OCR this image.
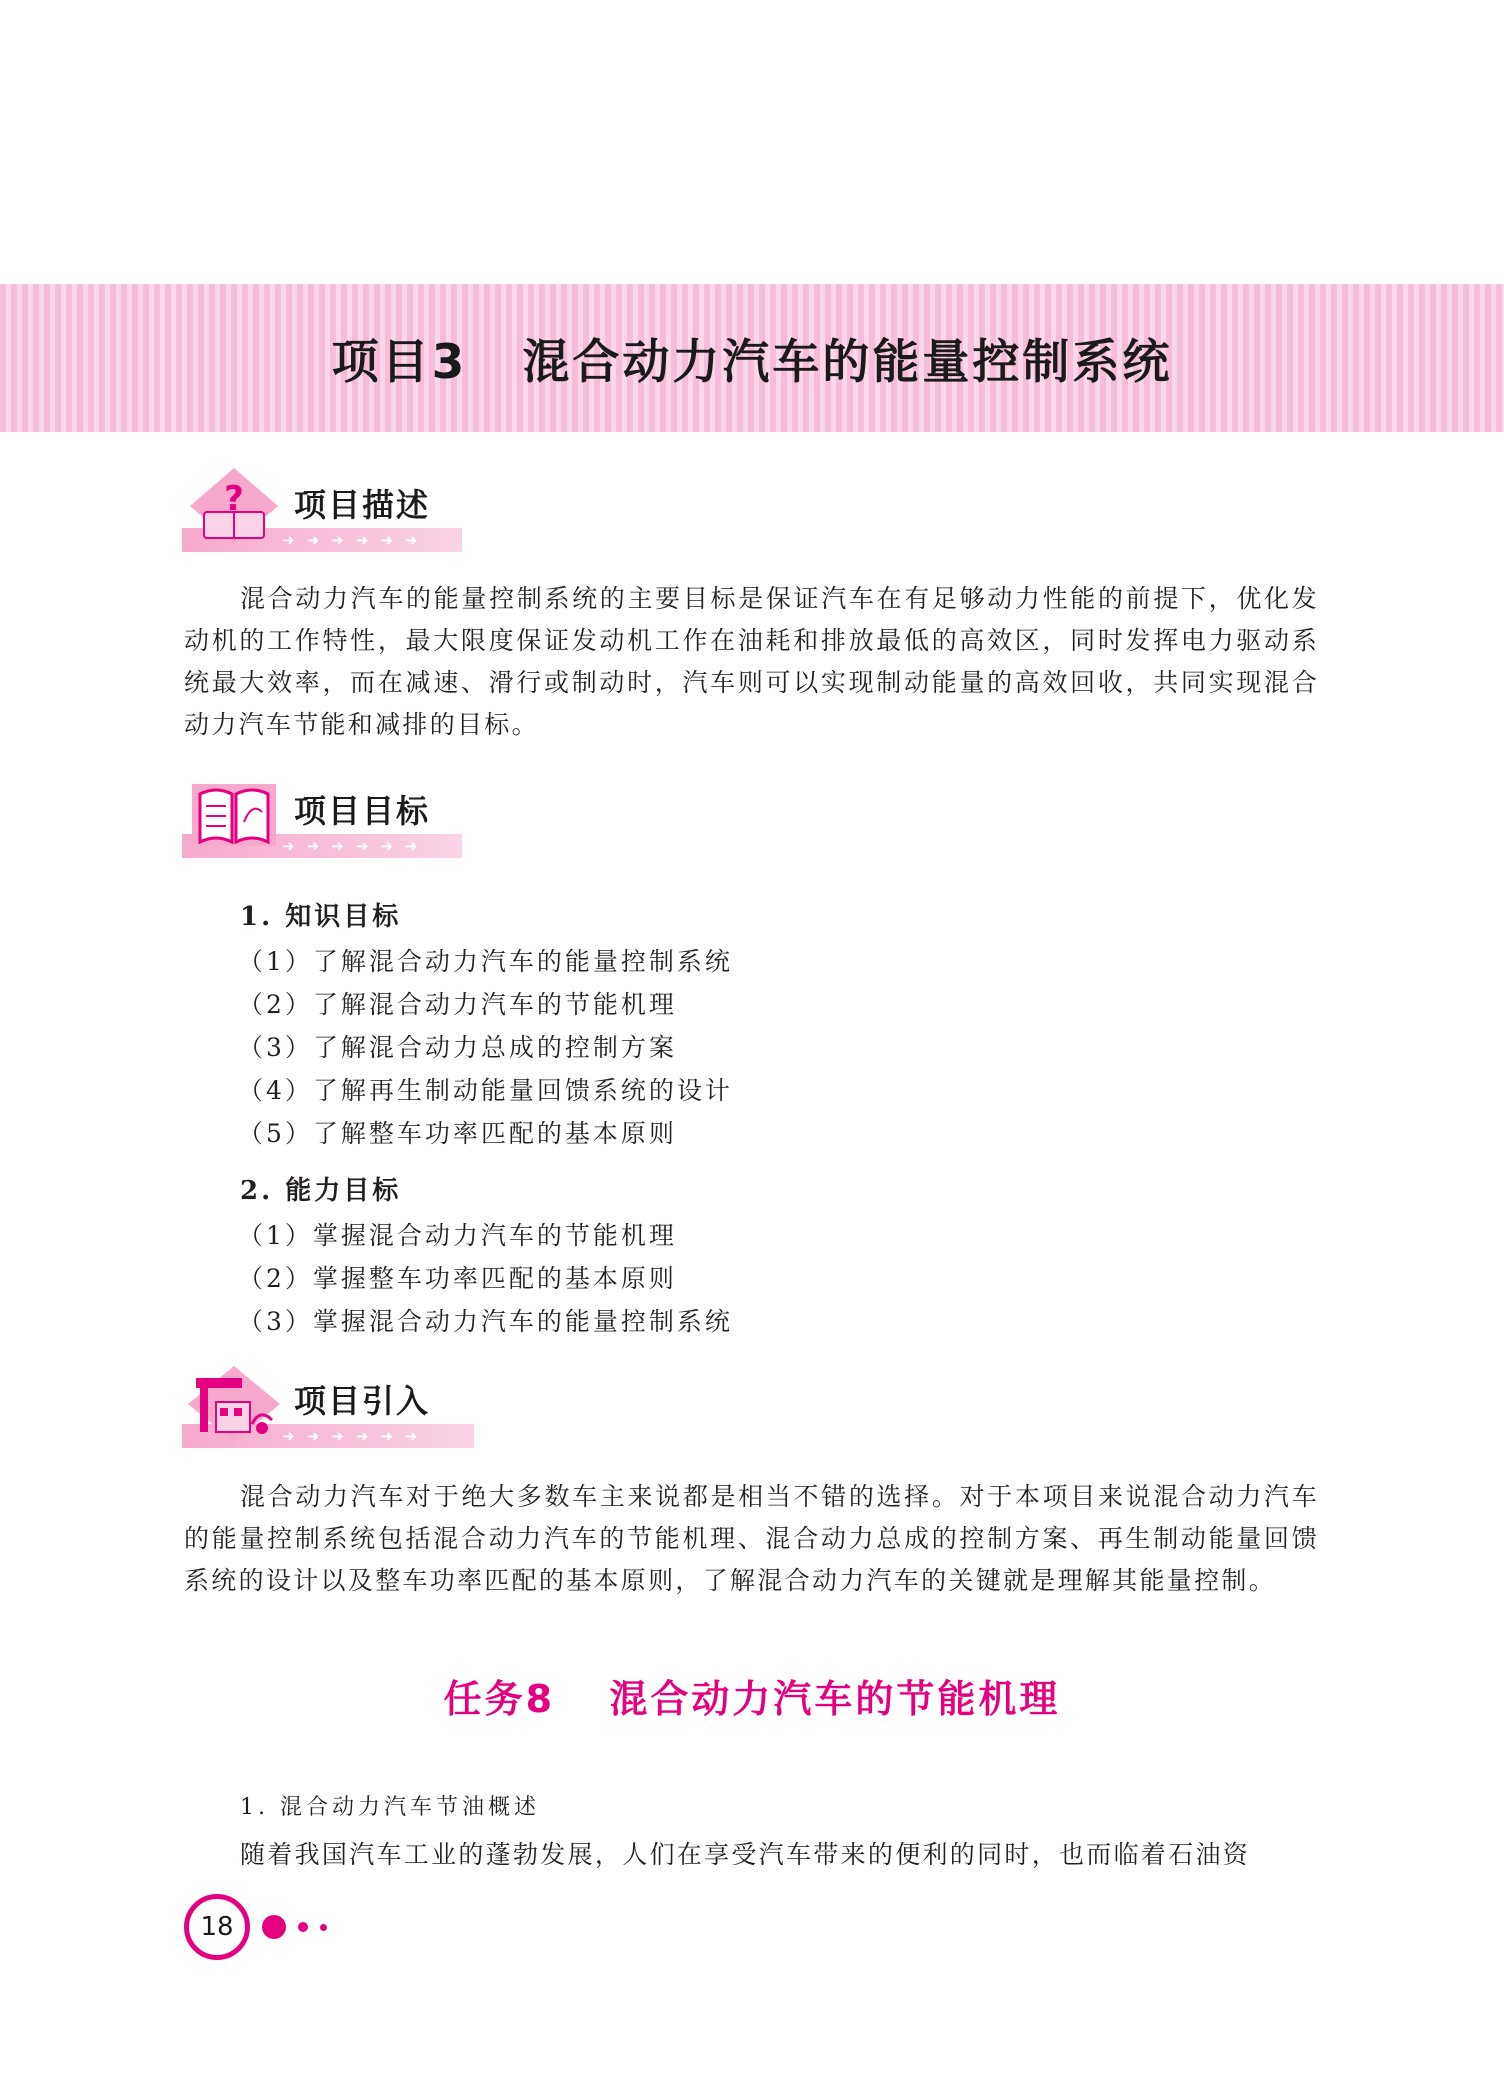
项目3 混合动力汽车的能量控制系统
➜ ➜ ➜ ➜ ➜ ➜
? 项目描述
混合动力汽车的能量控制系统的主要目标是保证汽车在有足够动力性能的前提下，优化发动机的工作特性，最大限度保证发动机工作在油耗和排放最低的高效区，同时发挥电力驱动系统最大效率，而在减速、滑行或制动时，汽车则可以实现制动能量的高效回收，共同实现混合动力汽车节能和减排的目标。
➜ ➜ ➜ ➜ ➜ ➜
项目目标
1. 知识目标
（1）了解混合动力汽车的能量控制系统
（2）了解混合动力汽车的节能机理
（3）了解混合动力总成的控制方案
（4）了解再生制动能量回馈系统的设计
（5）了解整车功率匹配的基本原则
2. 能力目标
（1）掌握混合动力汽车的节能机理
（2）掌握整车功率匹配的基本原则
（3）掌握混合动力汽车的能量控制系统
➜ ➜ ➜ ➜ ➜ ➜
项目引入
混合动力汽车对于绝大多数车主来说都是相当不错的选择。对于本项目来说混合动力汽车的能量控制系统包括混合动力汽车的节能机理、混合动力总成的控制方案、再生制动能量回馈系统的设计以及整车功率匹配的基本原则，了解混合动力汽车的关键就是理解其能量控制。
任务8 混合动力汽车的节能机理
1. 混合动力汽车节油概述
随着我国汽车工业的蓬勃发展，人们在享受汽车带来的便利的同时，也而临着石油资
18
